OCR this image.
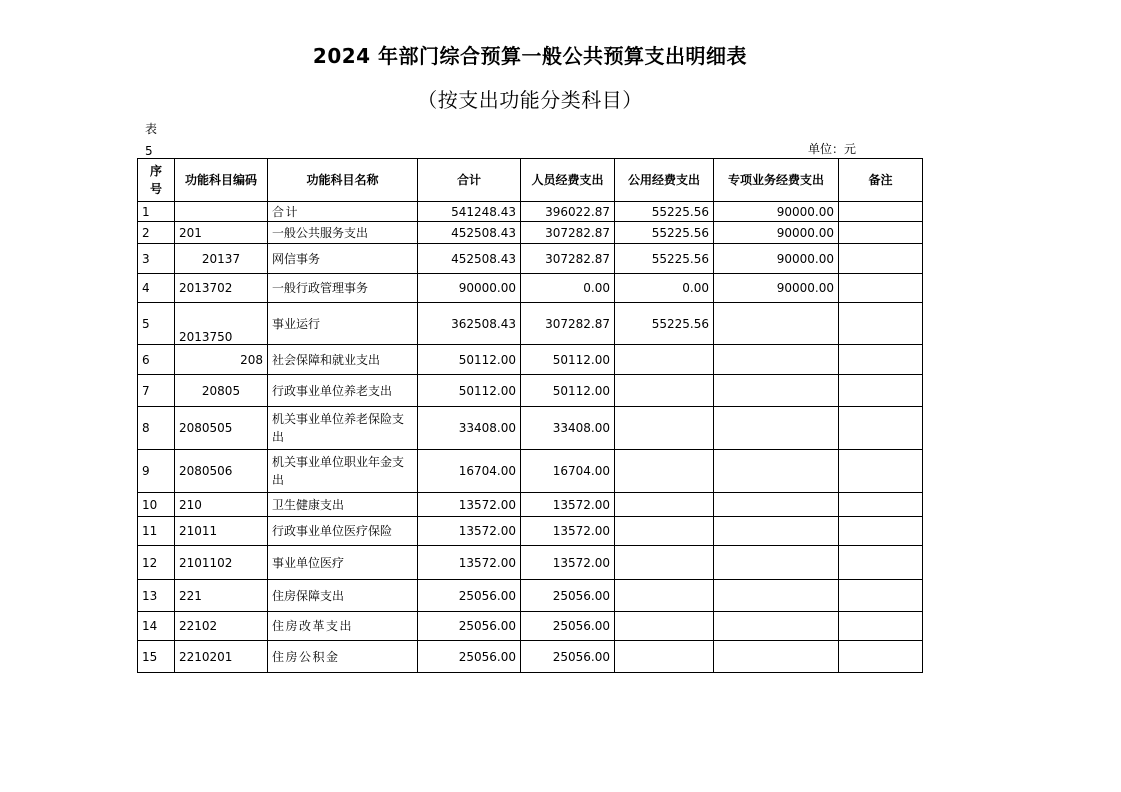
2024 年部门综合预算一般公共预算支出明细表
（按支出功能分类科目）
表
5	单位：元
序号	功能科目编码	功能科目名称	合计	人员经费支出	公用经费支出	专项业务经费支出	备注
1		合计	541248.43	396022.87	55225.56	90000.00	
2	201	一般公共服务支出	452508.43	307282.87	55225.56	90000.00	
3	20137	网信事务	452508.43	307282.87	55225.56	90000.00	
4	2013702	一般行政管理事务	90000.00	0.00	0.00	90000.00	
5	2013750	事业运行	362508.43	307282.87	55225.56		
6	208	社会保障和就业支出	50112.00	50112.00			
7	20805	行政事业单位养老支出	50112.00	50112.00			
8	2080505	机关事业单位养老保险支出	33408.00	33408.00			
9	2080506	机关事业单位职业年金支出	16704.00	16704.00			
10	210	卫生健康支出	13572.00	13572.00			
11	21011	行政事业单位医疗保险	13572.00	13572.00			
12	2101102	事业单位医疗	13572.00	13572.00			
13	221	住房保障支出	25056.00	25056.00			
14	22102	住房改革支出	25056.00	25056.00			
15	2210201	住房公积金	25056.00	25056.00			
